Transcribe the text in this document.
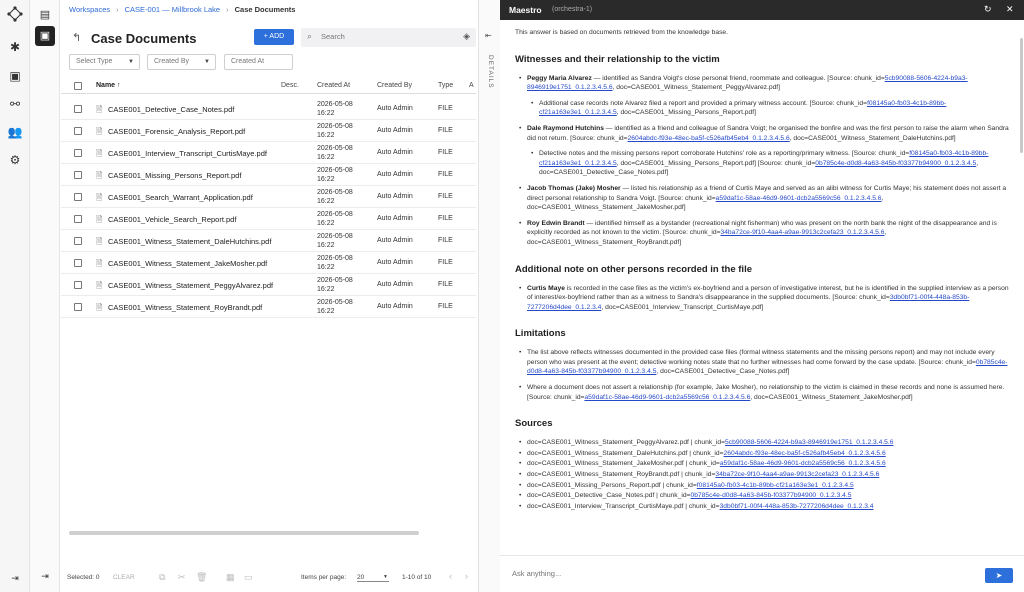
✱
▣
⚯
👥
⚙
⇥
▤
▣
⇥
Workspaces › CASE-001 — Millbrook Lake › Case Documents
↰ Case Documents	+ ADD	⌕
Search	◈
Select Type	▼	Created By	▼	Created At
Name ↑	Desc.	Created At	Created By	Type A
🗎 CASE001_Detective_Case_Notes.pdf
2026-05-08
16:22
Auto Admin	FILE
🗎 CASE001_Forensic_Analysis_Report.pdf
2026-05-08
16:22
Auto Admin	FILE
🗎 CASE001_Interview_Transcript_CurtisMaye.pdf
2026-05-08
16:22
Auto Admin	FILE
🗎 CASE001_Missing_Persons_Report.pdf
2026-05-08
16:22
Auto Admin	FILE
🗎 CASE001_Search_Warrant_Application.pdf
2026-05-08
16:22
Auto Admin	FILE
🗎 CASE001_Vehicle_Search_Report.pdf
2026-05-08
16:22
Auto Admin	FILE
🗎 CASE001_Witness_Statement_DaleHutchins.pdf
2026-05-08
16:22
Auto Admin	FILE
🗎 CASE001_Witness_Statement_JakeMosher.pdf
2026-05-08
16:22
Auto Admin	FILE
🗎 CASE001_Witness_Statement_PeggyAlvarez.pdf
2026-05-08
16:22
Auto Admin	FILE
🗎 CASE001_Witness_Statement_RoyBrandt.pdf
2026-05-08
16:22
Auto Admin	FILE
Selected: 0 CLEAR	⧉ ✂ 🗑 ▦ ▭	Items per page: 20	▼ 1-10 of 10 ‹ ›
⇤
DETAILS
Maestro (orchestra-1)	↻ ✕
This answer is based on documents retrieved from the knowledge base.
Witnesses and their relationship to the victim
• Peggy Maria Alvarez — identified as Sandra Voigt's close personal friend, roommate and colleague. [Source: chunk_id=5cb90088-5606-4224-b9a3-8946919e1751_0.1.2.3.4.5.6, doc=CASE001_Witness_Statement_PeggyAlvarez.pdf]
• Additional case records note Alvarez filed a report and provided a primary witness account. [Source: chunk_id=f08145a0-fb03-4c1b-89bb-cf21a163e3e1_0.1.2.3.4.5, doc=CASE001_Missing_Persons_Report.pdf]
• Dale Raymond Hutchins — identified as a friend and colleague of Sandra Voigt; he organised the bonfire and was the first person to raise the alarm when Sandra did not return. [Source: chunk_id=2604abdc-f93e-48ec-ba5f-c526afb45eb4_0.1.2.3.4.5.6, doc=CASE001_Witness_Statement_DaleHutchins.pdf]
• Detective notes and the missing persons report corroborate Hutchins' role as a reporting/primary witness. [Source: chunk_id=f08145a0-fb03-4c1b-89bb-cf21a163e3e1_0.1.2.3.4.5, doc=CASE001_Missing_Persons_Report.pdf] [Source: chunk_id=0b785c4e-d0d8-4a63-845b-f03377b94900_0.1.2.3.4.5, doc=CASE001_Detective_Case_Notes.pdf]
• Jacob Thomas (Jake) Mosher — listed his relationship as a friend of Curtis Maye and served as an alibi witness for Curtis Maye; his statement does not assert a direct personal relationship to Sandra Voigt. [Source: chunk_id=a59daf1c-58ae-46d9-9601-dcb2a5569c56_0.1.2.3.4.5.6, doc=CASE001_Witness_Statement_JakeMosher.pdf]
• Roy Edwin Brandt — identified himself as a bystander (recreational night fisherman) who was present on the north bank the night of the disappearance and is explicitly recorded as not known to the victim. [Source: chunk_id=34ba72ce-9f10-4aa4-a9ae-9913c2cefa23_0.1.2.3.4.5.6, doc=CASE001_Witness_Statement_RoyBrandt.pdf]
Additional note on other persons recorded in the file
• Curtis Maye is recorded in the case files as the victim's ex-boyfriend and a person of investigative interest, but he is identified in the supplied interview as a person of interest/ex-boyfriend rather than as a witness to Sandra's disappearance in the supplied documents. [Source: chunk_id=3db0bf71-00f4-448a-853b-7277206d4dee_0.1.2.3.4, doc=CASE001_Interview_Transcript_CurtisMaye.pdf]
Limitations
• The list above reflects witnesses documented in the provided case files (formal witness statements and the missing persons report) and may not include every person who was present at the event; detective working notes state that no further witnesses had come forward by the case update. [Source: chunk_id=0b785c4e-d0d8-4a63-845b-f03377b94900_0.1.2.3.4.5, doc=CASE001_Detective_Case_Notes.pdf]
• Where a document does not assert a relationship (for example, Jake Mosher), no relationship to the victim is claimed in these records and none is assumed here. [Source: chunk_id=a59daf1c-58ae-46d9-9601-dcb2a5569c56_0.1.2.3.4.5.6, doc=CASE001_Witness_Statement_JakeMosher.pdf]
Sources
• doc=CASE001_Witness_Statement_PeggyAlvarez.pdf | chunk_id=5cb90088-5606-4224-b9a3-8946919e1751_0.1.2.3.4.5.6
• doc=CASE001_Witness_Statement_DaleHutchins.pdf | chunk_id=2604abdc-f93e-48ec-ba5f-c526afb45eb4_0.1.2.3.4.5.6
• doc=CASE001_Witness_Statement_JakeMosher.pdf | chunk_id=a59daf1c-58ae-46d9-9601-dcb2a5569c56_0.1.2.3.4.5.6
• doc=CASE001_Witness_Statement_RoyBrandt.pdf | chunk_id=34ba72ce-9f10-4aa4-a9ae-9913c2cefa23_0.1.2.3.4.5.6
• doc=CASE001_Missing_Persons_Report.pdf | chunk_id=f08145a0-fb03-4c1b-89bb-cf21a163e3e1_0.1.2.3.4.5
• doc=CASE001_Detective_Case_Notes.pdf | chunk_id=0b785c4e-d0d8-4a63-845b-f03377b94900_0.1.2.3.4.5
• doc=CASE001_Interview_Transcript_CurtisMaye.pdf | chunk_id=3db0bf71-00f4-448a-853b-7277206d4dee_0.1.2.3.4
Ask anything...
➤
